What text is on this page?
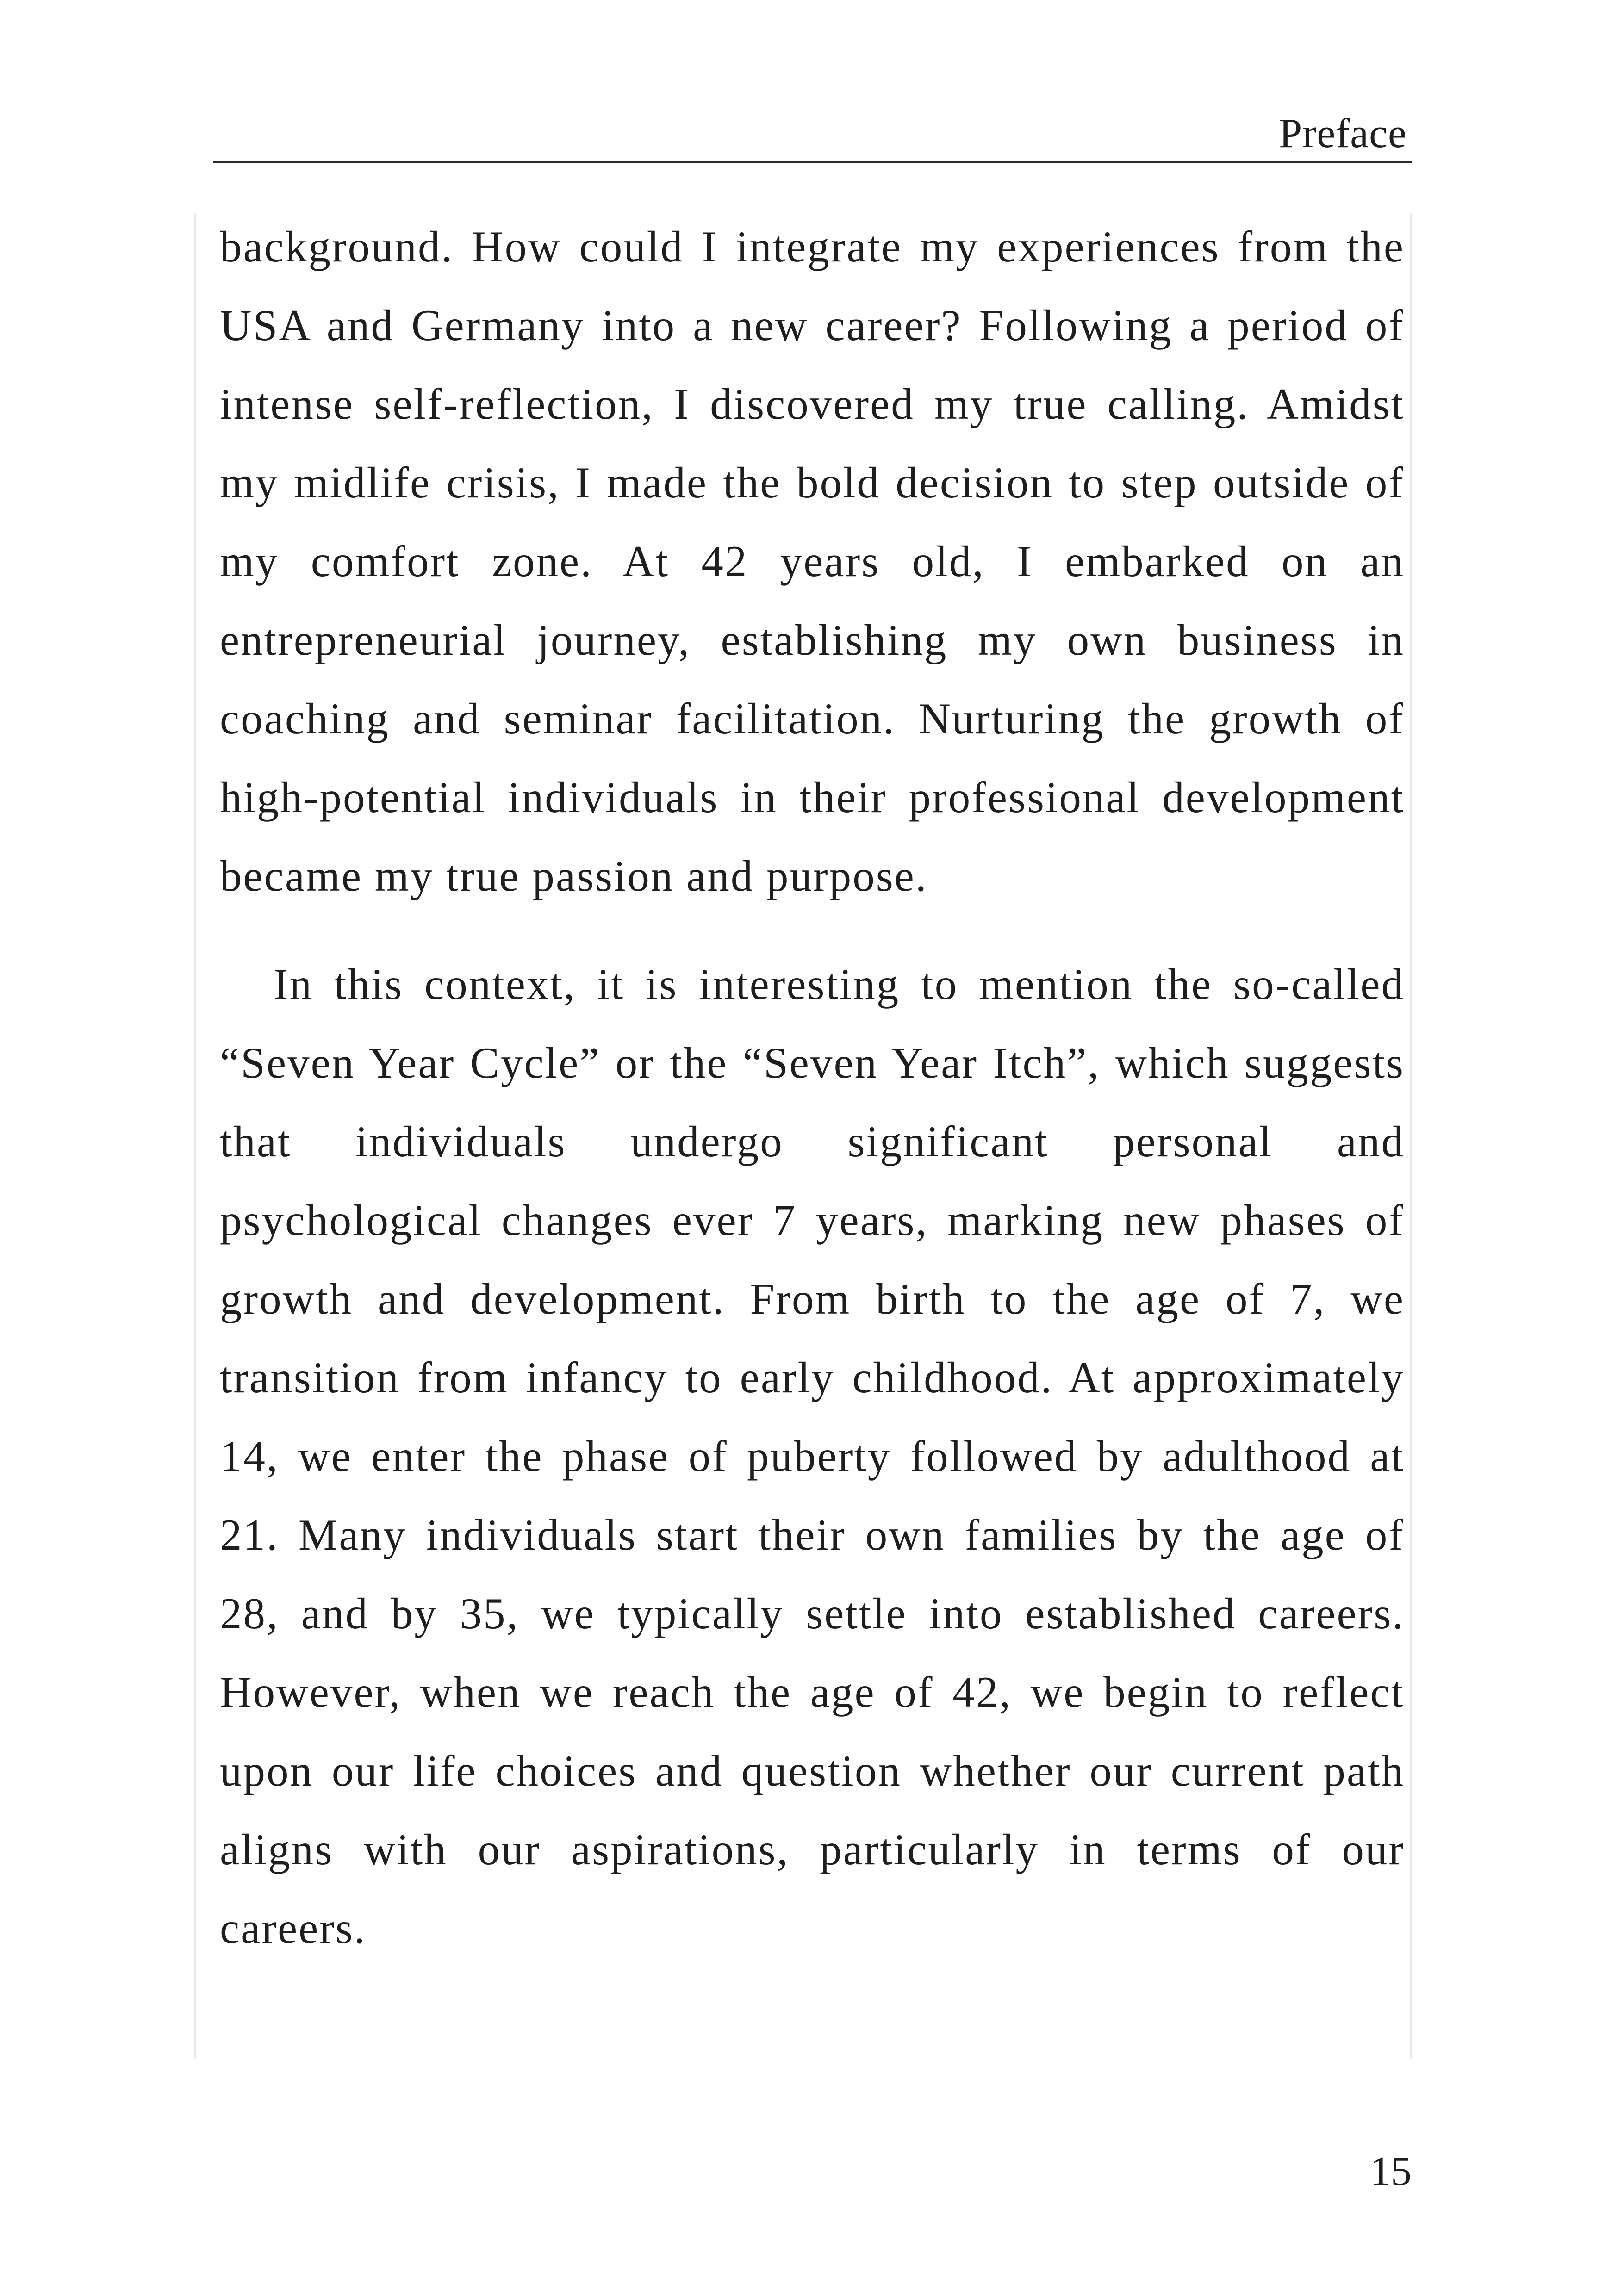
Preface

background. How could I integrate my experiences from the USA and Germany into a new career? Following a period of intense self-reflection, I discovered my true calling. Amidst my midlife crisis, I made the bold decision to step outside of my comfort zone. At 42 years old, I embarked on an entrepreneurial journey, establishing my own business in coaching and seminar facilitation. Nurturing the growth of high-potential individuals in their professional development became my true passion and purpose.

In this context, it is interesting to mention the so-called “Seven Year Cycle” or the “Seven Year Itch”, which suggests that individuals undergo significant personal and psychological changes ever 7 years, marking new phases of growth and development. From birth to the age of 7, we transition from infancy to early childhood. At approximately 14, we enter the phase of puberty followed by adulthood at 21. Many individuals start their own families by the age of 28, and by 35, we typically settle into established careers. However, when we reach the age of 42, we begin to reflect upon our life choices and question whether our current path aligns with our aspirations, particularly in terms of our careers.

15
